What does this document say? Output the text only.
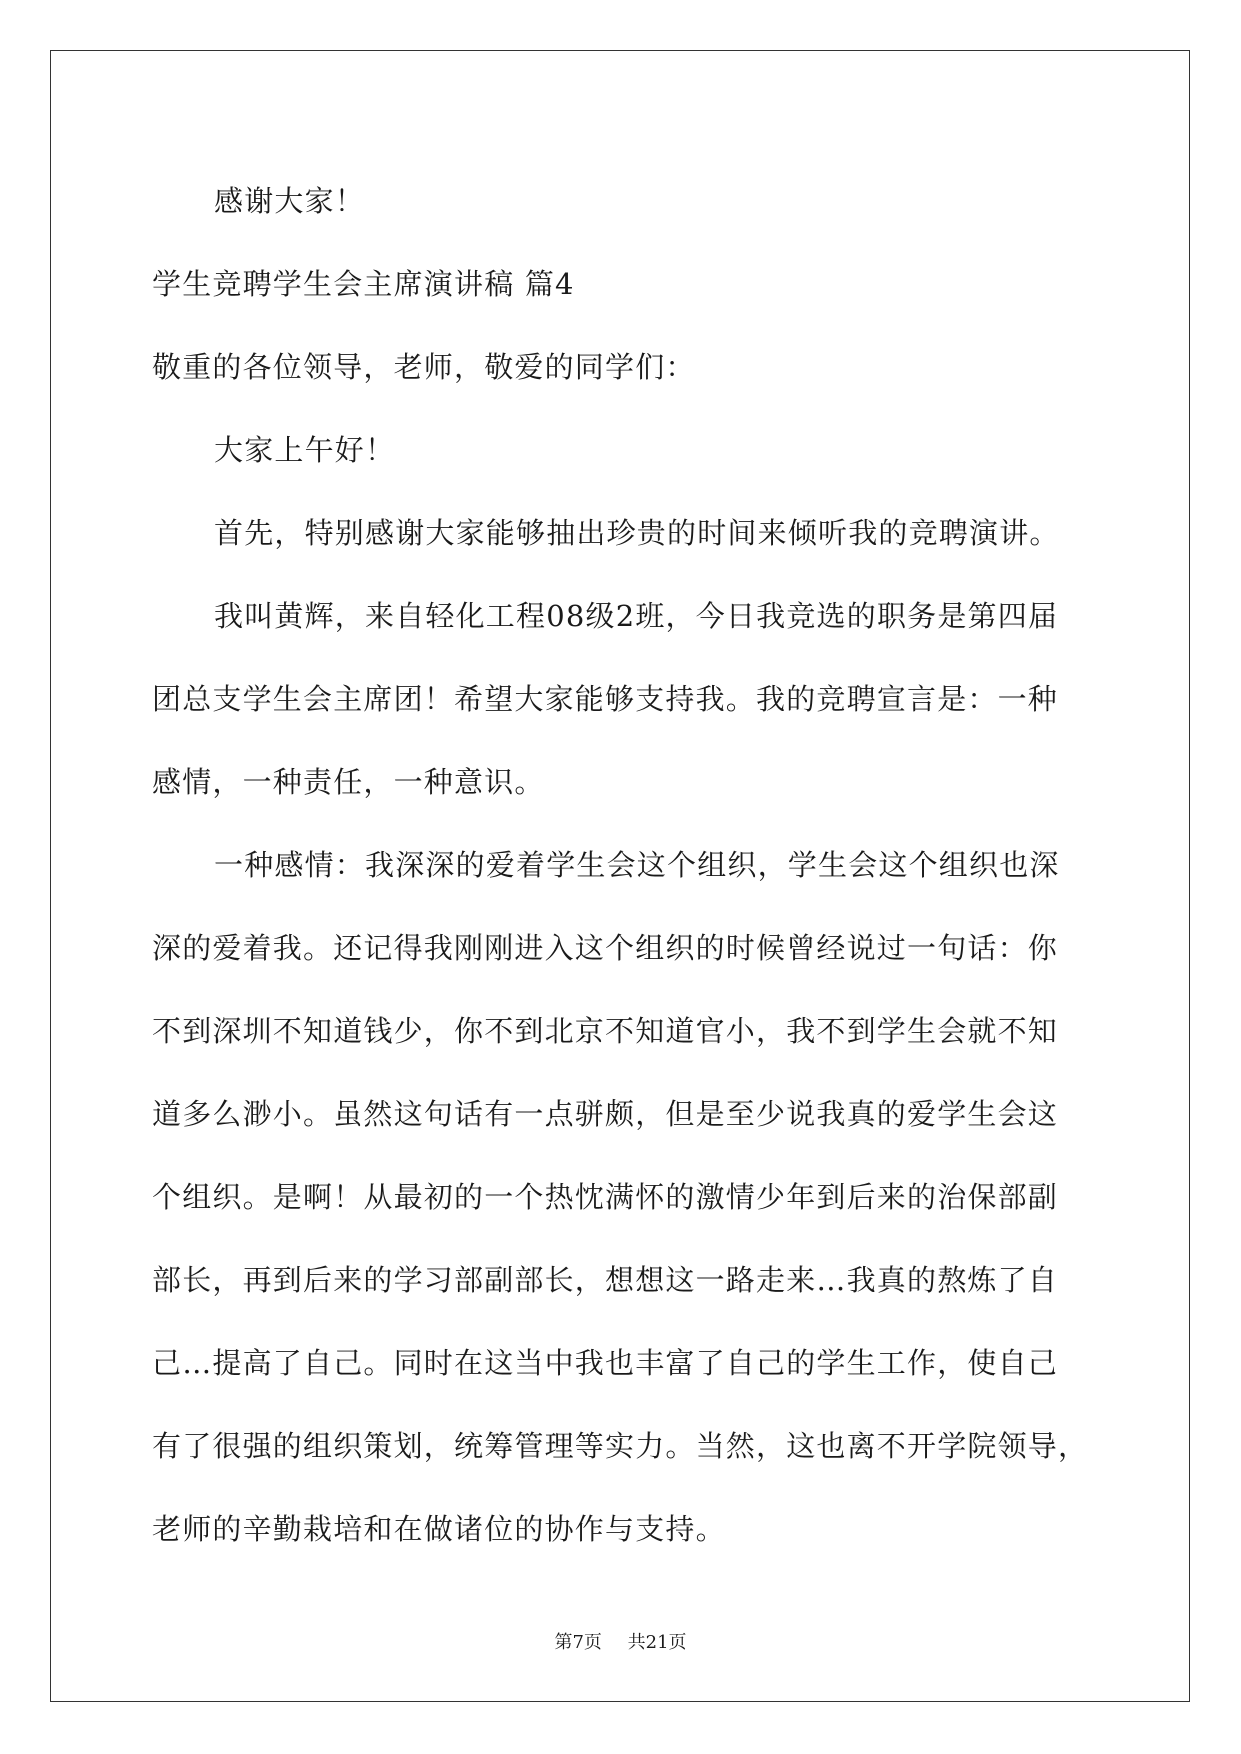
感谢大家！
学生竞聘学生会主席演讲稿 篇4
敬重的各位领导，老师，敬爱的同学们：
大家上午好！
首先，特别感谢大家能够抽出珍贵的时间来倾听我的竞聘演讲。
我叫黄辉，来自轻化工程08级2班，今日我竞选的职务是第四届
团总支学生会主席团！希望大家能够支持我。我的竞聘宣言是：一种
感情，一种责任，一种意识。
一种感情：我深深的爱着学生会这个组织，学生会这个组织也深
深的爱着我。还记得我刚刚进入这个组织的时候曾经说过一句话：你
不到深圳不知道钱少，你不到北京不知道官小，我不到学生会就不知
道多么渺小。虽然这句话有一点骈颇，但是至少说我真的爱学生会这
个组织。是啊！从最初的一个热忱满怀的激情少年到后来的治保部副
部长，再到后来的学习部副部长，想想这一路走来…我真的熬炼了自
己…提高了自己。同时在这当中我也丰富了自己的学生工作，使自己
有了很强的组织策划，统筹管理等实力。当然，这也离不开学院领导，
老师的辛勤栽培和在做诸位的协作与支持。
第7页 共21页
